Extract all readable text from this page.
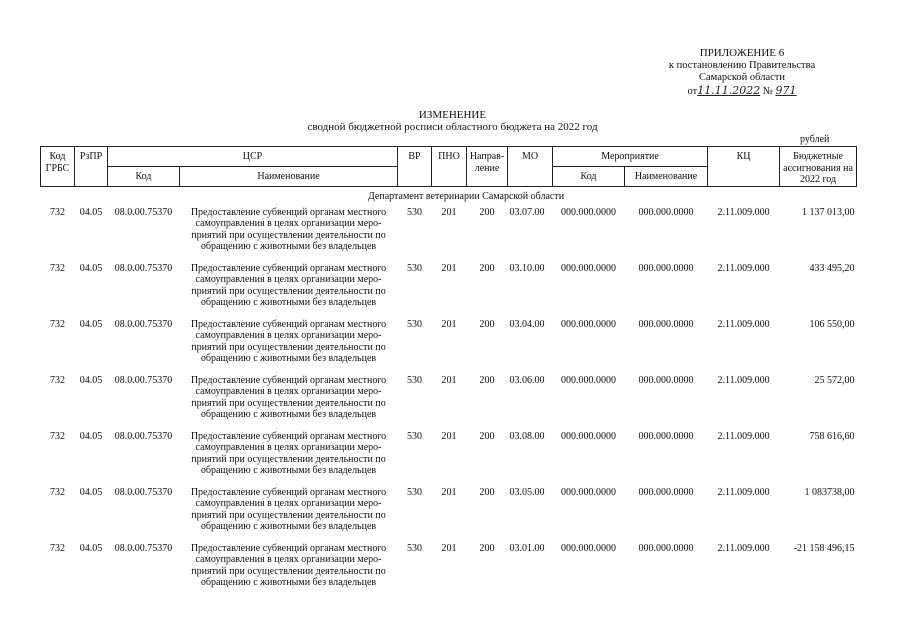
ПРИЛОЖЕНИЕ 6
к постановлению Правительства
Самарской области
от11.11.2022 № 971
ИЗМЕНЕНИЕ
сводной бюджетной росписи областного бюджета на 2022 год
рублей
Код ГРБС	РзПР	ЦСР		ВР	ПНО	Направ-ление	МО	Мероприятие		КЦ	Бюджетные ассигнования на 2022 год
		Код	Наименование					Код	Наименование		
Департамент ветеринарии Самарской области											
732	04.05	08.0.00.75370	Предоставление субвенций органам местного самоуправления в целях организации меро-приятий при осуществлении деятельности по обращению с животными без владельцев	530	201	200	03.07.00	000.000.0000	000.000.0000	2.11.009.000	1 137 013,00
732	04.05	08.0.00.75370	Предоставление субвенций органам местного самоуправления в целях организации меро-приятий при осуществлении деятельности по обращению с животными без владельцев	530	201	200	03.10.00	000.000.0000	000.000.0000	2.11.009.000	433 495,20
732	04.05	08.0.00.75370	Предоставление субвенций органам местного самоуправления в целях организации меро-приятий при осуществлении деятельности по обращению с животными без владельцев	530	201	200	03.04.00	000.000.0000	000.000.0000	2.11.009.000	106 550,00
732	04.05	08.0.00.75370	Предоставление субвенций органам местного самоуправления в целях организации меро-приятий при осуществлении деятельности по обращению с животными без владельцев	530	201	200	03.06.00	000.000.0000	000.000.0000	2.11.009.000	25 572,00
732	04.05	08.0.00.75370	Предоставление субвенций органам местного самоуправления в целях организации меро-приятий при осуществлении деятельности по обращению с животными без владельцев	530	201	200	03.08.00	000.000.0000	000.000.0000	2.11.009.000	758 616,60
732	04.05	08.0.00.75370	Предоставление субвенций органам местного самоуправления в целях организации меро-приятий при осуществлении деятельности по обращению с животными без владельцев	530	201	200	03.05.00	000.000.0000	000.000.0000	2.11.009.000	1 083738,00
732	04.05	08.0.00.75370	Предоставление субвенций органам местного самоуправления в целях организации меро-приятий при осуществлении деятельности по обращению с животными без владельцев	530	201	200	03.01.00	000.000.0000	000.000.0000	2.11.009.000	-21 158 496,15
